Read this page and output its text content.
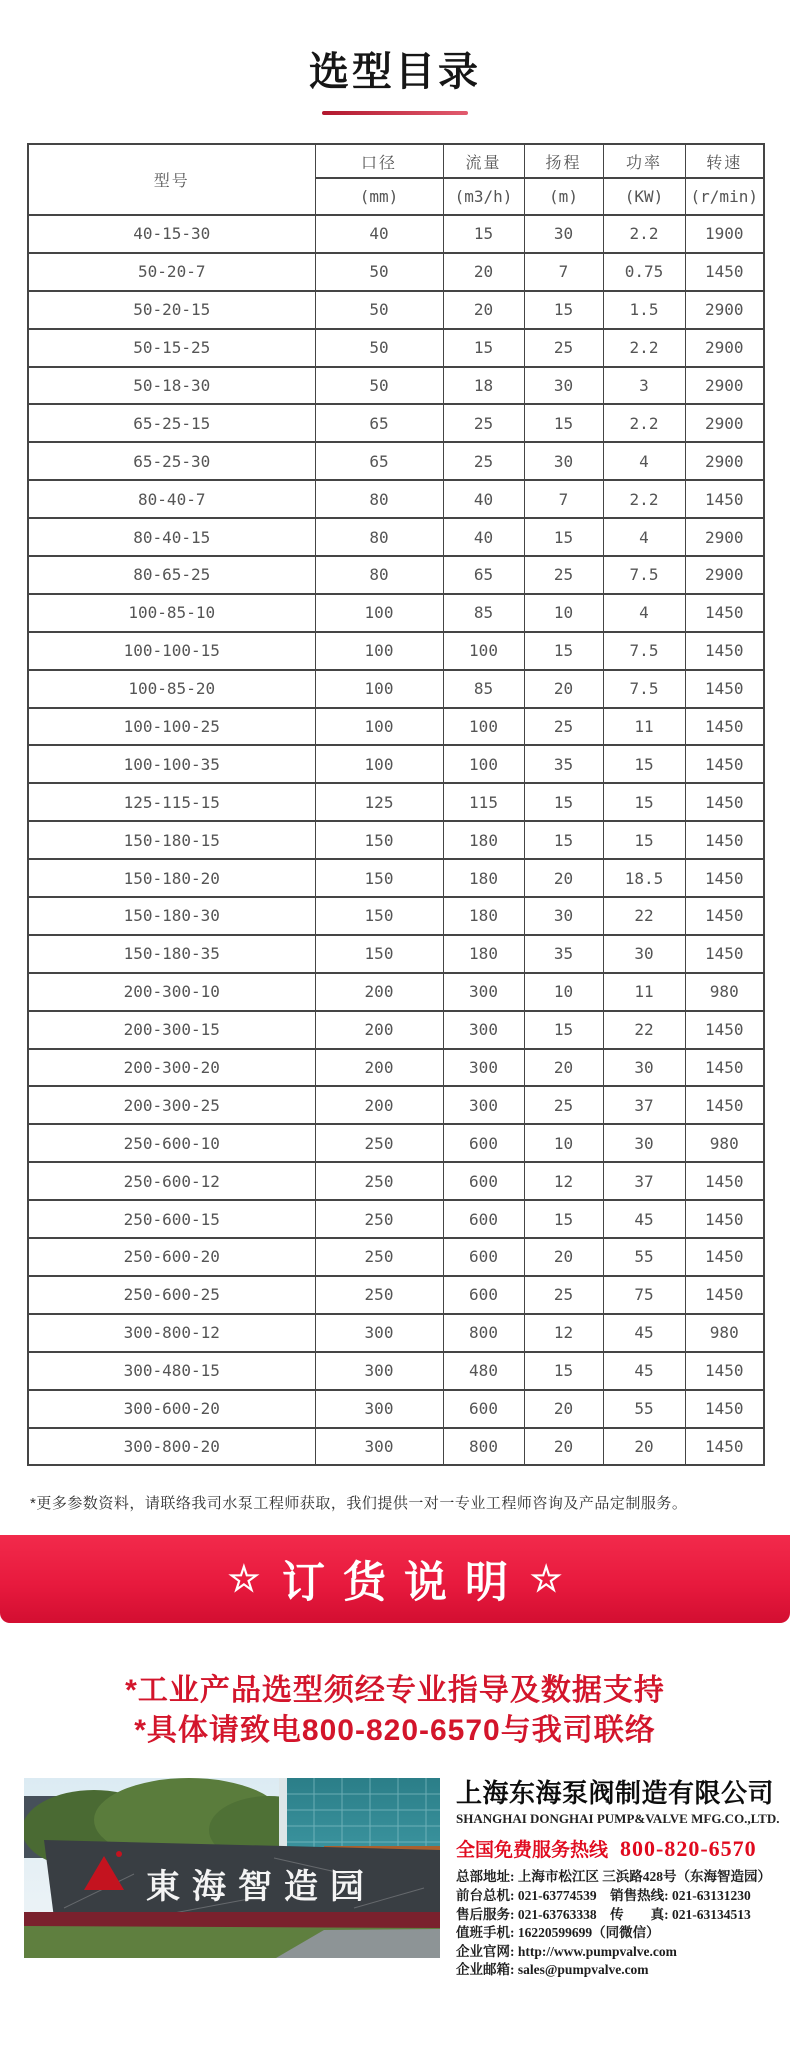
选型目录
型号	口径	流量	扬程	功率	转速
	(mm)	(m3/h)	(m)	(KW)	(r/min)
40-15-30	40	15	30	2.2	1900
50-20-7	50	20	7	0.75	1450
50-20-15	50	20	15	1.5	2900
50-15-25	50	15	25	2.2	2900
50-18-30	50	18	30	3	2900
65-25-15	65	25	15	2.2	2900
65-25-30	65	25	30	4	2900
80-40-7	80	40	7	2.2	1450
80-40-15	80	40	15	4	2900
80-65-25	80	65	25	7.5	2900
100-85-10	100	85	10	4	1450
100-100-15	100	100	15	7.5	1450
100-85-20	100	85	20	7.5	1450
100-100-25	100	100	25	11	1450
100-100-35	100	100	35	15	1450
125-115-15	125	115	15	15	1450
150-180-15	150	180	15	15	1450
150-180-20	150	180	20	18.5	1450
150-180-30	150	180	30	22	1450
150-180-35	150	180	35	30	1450
200-300-10	200	300	10	11	980
200-300-15	200	300	15	22	1450
200-300-20	200	300	20	30	1450
200-300-25	200	300	25	37	1450
250-600-10	250	600	10	30	980
250-600-12	250	600	12	37	1450
250-600-15	250	600	15	45	1450
250-600-20	250	600	20	55	1450
250-600-25	250	600	25	75	1450
300-800-12	300	800	12	45	980
300-480-15	300	480	15	45	1450
300-600-20	300	600	20	55	1450
300-800-20	300	800	20	20	1450
*更多参数资料，请联络我司水泵工程师获取，我们提供一对一专业工程师咨询及产品定制服务。
☆ 订货说明 ☆
*工业产品选型须经专业指导及数据支持
*具体请致电800-820-6570与我司联络
東海智造园
上海东海泵阀制造有限公司
SHANGHAI DONGHAI PUMP&VALVE MFG.CO.,LTD.
全国免费服务热线 800-820-6570
总部地址: 上海市松江区 三浜路428号（东海智造园）
前台总机: 021-63774539　销售热线: 021-63131230
售后服务: 021-63763338　传　　真: 021-63134513
值班手机: 16220599699（同微信）
企业官网: http://www.pumpvalve.com
企业邮箱: sales@pumpvalve.com
